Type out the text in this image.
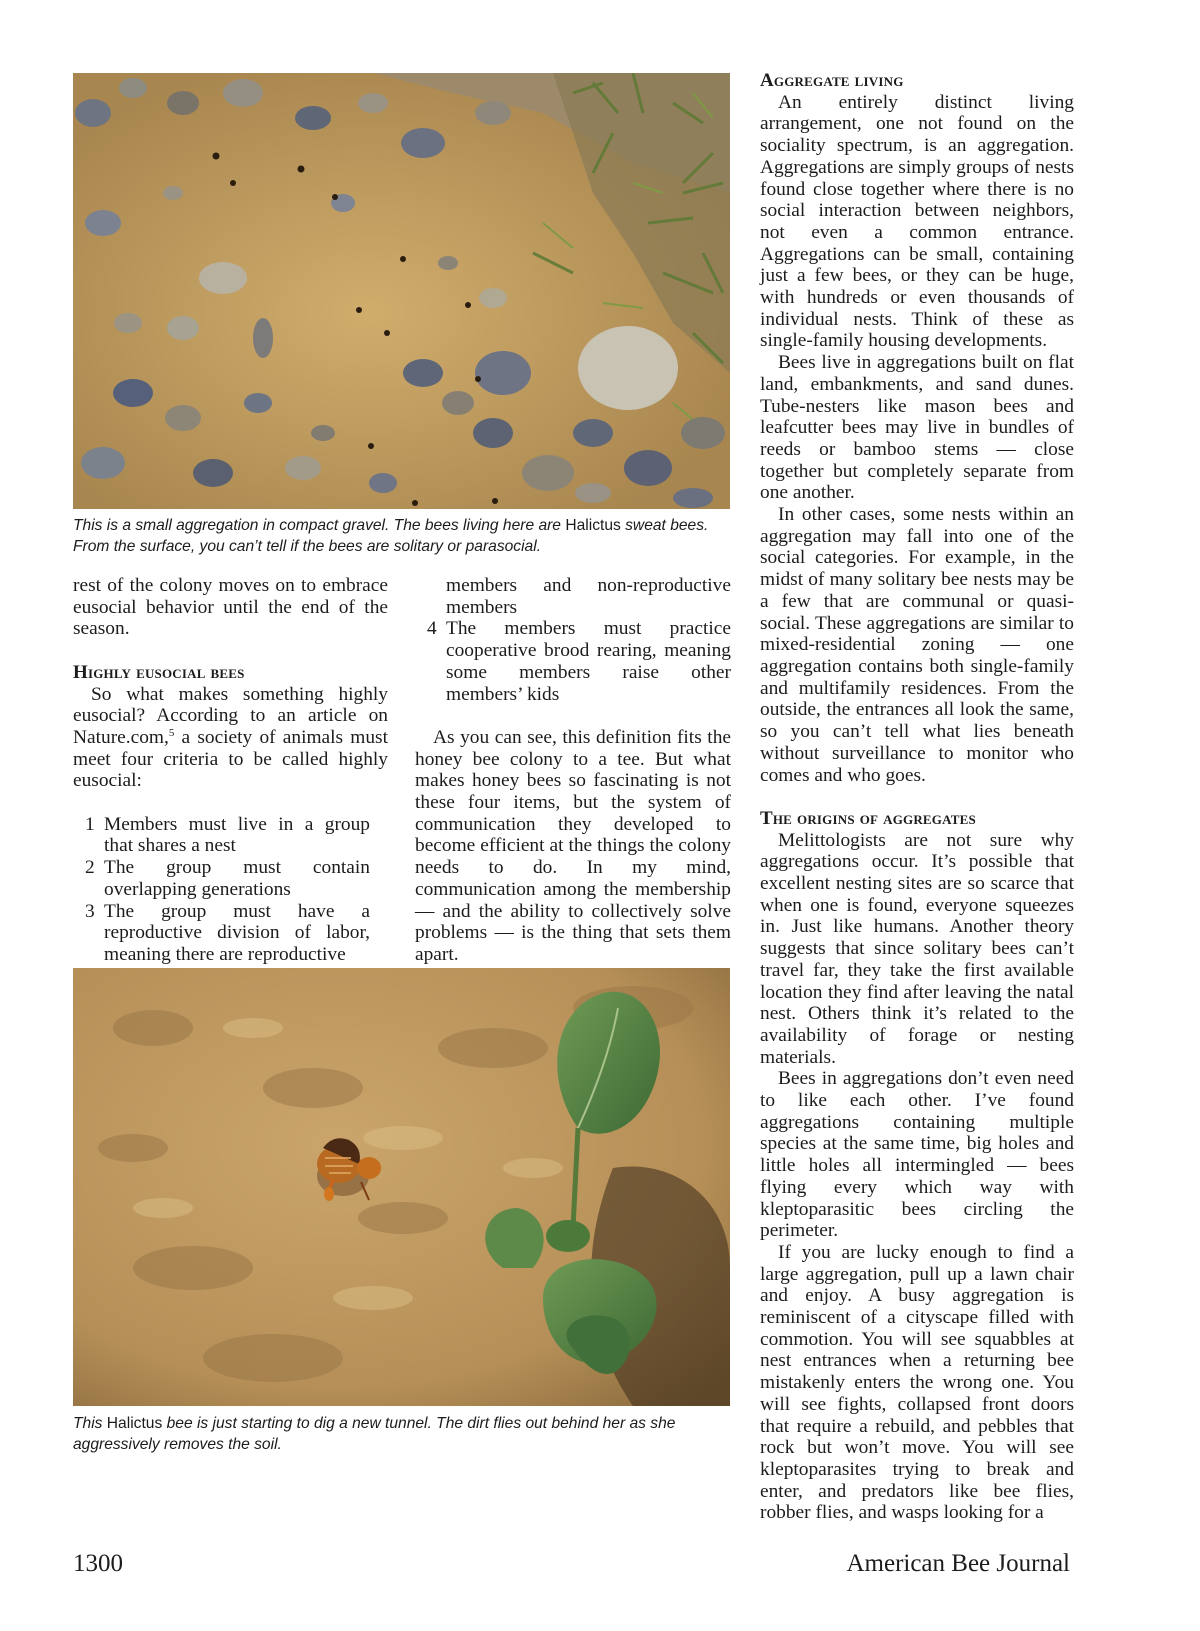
This is a small aggregation in compact gravel. The bees living here are Halictus sweat bees. From the surface, you can’t tell if the bees are solitary or parasocial.

rest of the colony moves on to embrace eusocial behavior until the end of the season.

Highly eusocial bees

So what makes something highly eusocial? According to an article on Nature.com,$^5$ a society of animals must meet four criteria to be called highly eusocial:

1 Members must live in a group that shares a nest
2 The group must contain overlapping generations
3 The group must have a reproductive division of labor, meaning there are reproductive
members and non-reproductive members
4 The members must practice cooperative brood rearing, meaning some members raise other members’ kids

As you can see, this definition fits the honey bee colony to a tee. But what makes honey bees so fascinating is not these four items, but the system of communication they developed to become efficient at the things the colony needs to do. In my mind, communication among the membership — and the ability to collectively solve problems — is the thing that sets them apart.

This Halictus bee is just starting to dig a new tunnel. The dirt flies out behind her as she aggressively removes the soil.

Aggregate living

An entirely distinct living arrangement, one not found on the sociality spectrum, is an aggregation. Aggregations are simply groups of nests found close together where there is no social interaction between neighbors, not even a common entrance. Aggregations can be small, containing just a few bees, or they can be huge, with hundreds or even thousands of individual nests. Think of these as single-family housing developments.

Bees live in aggregations built on flat land, embankments, and sand dunes. Tube-nesters like mason bees and leafcutter bees may live in bundles of reeds or bamboo stems — close together but completely separate from one another.

In other cases, some nests within an aggregation may fall into one of the social categories. For example, in the midst of many solitary bee nests may be a few that are communal or quasi-social. These aggregations are similar to mixed-residential zoning — one aggregation contains both single-family and multifamily residences. From the outside, the entrances all look the same, so you can’t tell what lies beneath without surveillance to monitor who comes and who goes.

The origins of aggregates

Melittologists are not sure why aggregations occur. It’s possible that excellent nesting sites are so scarce that when one is found, everyone squeezes in. Just like humans. Another theory suggests that since solitary bees can’t travel far, they take the first available location they find after leaving the natal nest. Others think it’s related to the availability of forage or nesting materials.

Bees in aggregations don’t even need to like each other. I’ve found aggregations containing multiple species at the same time, big holes and little holes all intermingled — bees flying every which way with kleptoparasitic bees circling the perimeter.

If you are lucky enough to find a large aggregation, pull up a lawn chair and enjoy. A busy aggregation is reminiscent of a cityscape filled with commotion. You will see squabbles at nest entrances when a returning bee mistakenly enters the wrong one. You will see fights, collapsed front doors that require a rebuild, and pebbles that rock but won’t move. You will see kleptoparasites trying to break and enter, and predators like bee flies, robber flies, and wasps looking for a

1300	American Bee Journal
